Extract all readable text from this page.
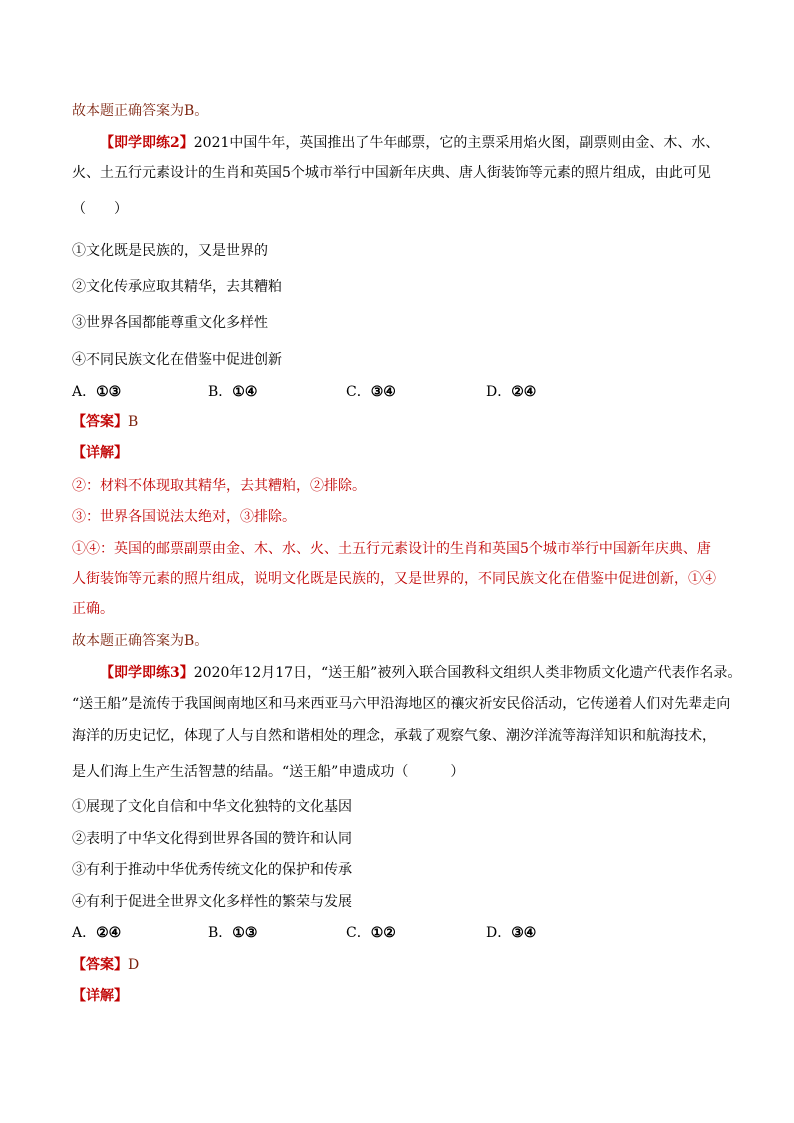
故本题正确答案为B。
【即学即练2】2021中国牛年，英国推出了牛年邮票，它的主票采用焰火图，副票则由金、木、水、
火、土五行元素设计的生肖和英国5个城市举行中国新年庆典、唐人街装饰等元素的照片组成，由此可见
（　　）
①文化既是民族的，又是世界的
②文化传承应取其精华，去其糟粕
③世界各国都能尊重文化多样性
④不同民族文化在借鉴中促进创新
A．①③	B．①④	C．③④	D．②④
【答案】B
【详解】
②：材料不体现取其精华，去其糟粕，②排除。
③：世界各国说法太绝对，③排除。
①④：英国的邮票副票由金、木、水、火、土五行元素设计的生肖和英国5个城市举行中国新年庆典、唐
人街装饰等元素的照片组成，说明文化既是民族的，又是世界的，不同民族文化在借鉴中促进创新，①④
正确。
故本题正确答案为B。
【即学即练3】2020年12月17日，“送王船”被列入联合国教科文组织人类非物质文化遗产代表作名录。
“送王船”是流传于我国闽南地区和马来西亚马六甲沿海地区的禳灾祈安民俗活动，它传递着人们对先辈走向
海洋的历史记忆，体现了人与自然和谐相处的理念，承载了观察气象、潮汐洋流等海洋知识和航海技术，
是人们海上生产生活智慧的结晶。“送王船”申遗成功（　　　）
①展现了文化自信和中华文化独特的文化基因
②表明了中华文化得到世界各国的赞许和认同
③有利于推动中华优秀传统文化的保护和传承
④有利于促进全世界文化多样性的繁荣与发展
A．②④	B．①③	C．①②	D．③④
【答案】D
【详解】
